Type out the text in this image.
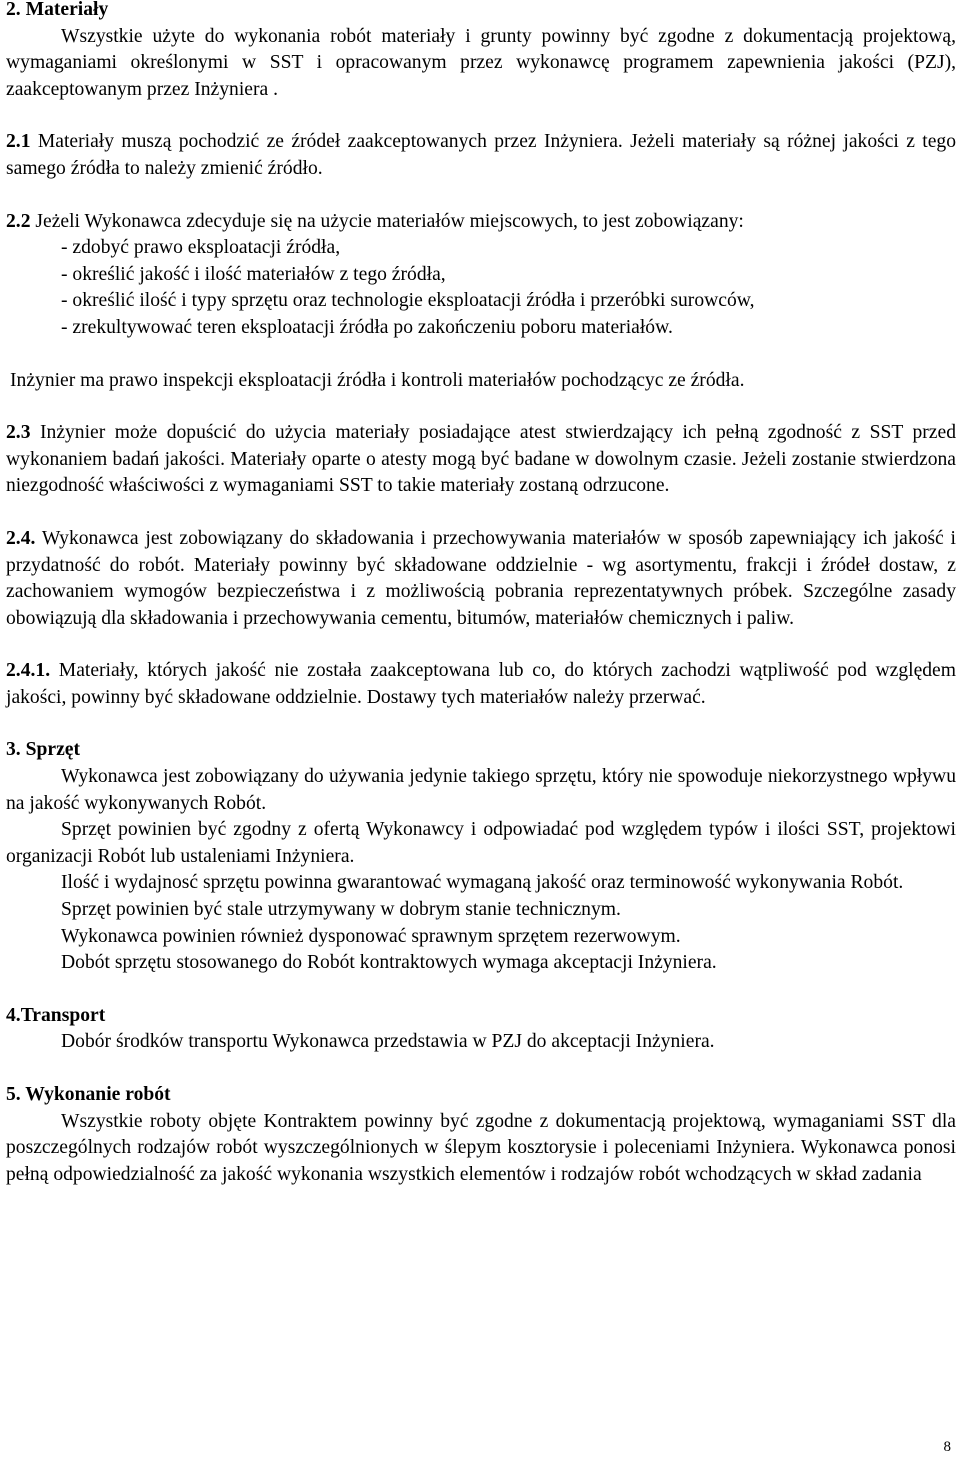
2. Materiały

Wszystkie użyte do wykonania robót materiały i grunty powinny być zgodne z dokumentacją projektową, wymaganiami określonymi w SST i opracowanym przez wykonawcę programem zapewnienia jakości (PZJ), zaakceptowanym przez Inżyniera .

2.1 Materiały muszą pochodzić ze źródeł zaakceptowanych przez Inżyniera. Jeżeli materiały są różnej jakości z tego samego źródła to należy zmienić źródło.

2.2 Jeżeli Wykonawca zdecyduje się na użycie materiałów miejscowych, to jest zobowiązany:

- zdobyć prawo eksploatacji źródła,

- określić jakość i ilość materiałów z tego źródła,

- określić ilość i typy sprzętu oraz technologie eksploatacji źródła i przeróbki surowców,

- zrekultywować teren eksploatacji źródła po zakończeniu poboru materiałów.

Inżynier ma prawo inspekcji eksploatacji źródła i kontroli materiałów pochodzącyc ze źródła.

2.3 Inżynier może dopuścić do użycia materiały posiadające atest stwierdzający ich pełną zgodność z SST przed wykonaniem badań jakości. Materiały oparte o atesty mogą być badane w dowolnym czasie. Jeżeli zostanie stwierdzona niezgodność właściwości z wymaganiami SST to takie materiały zostaną odrzucone.

2.4. Wykonawca jest zobowiązany do składowania i przechowywania materiałów w sposób zapewniający ich jakość i przydatność do robót. Materiały powinny być składowane oddzielnie - wg asortymentu, frakcji i źródeł dostaw, z zachowaniem wymogów bezpieczeństwa i z możliwością pobrania reprezentatywnych próbek. Szczególne zasady obowiązują dla składowania i przechowywania cementu, bitumów, materiałów chemicznych i paliw.

2.4.1. Materiały, których jakość nie została zaakceptowana lub co, do których zachodzi wątpliwość pod względem jakości, powinny być składowane oddzielnie. Dostawy tych materiałów należy przerwać.

3. Sprzęt

Wykonawca jest zobowiązany do używania jedynie takiego sprzętu, który nie spowoduje niekorzystnego wpływu na jakość wykonywanych Robót.

Sprzęt powinien być zgodny z ofertą Wykonawcy i odpowiadać pod względem typów i ilości SST, projektowi organizacji Robót lub ustaleniami Inżyniera.

Ilość i wydajnosć sprzętu powinna gwarantować wymaganą jakość oraz terminowość wykonywania Robót.

Sprzęt powinien być stale utrzymywany w dobrym stanie technicznym.

Wykonawca powinien również dysponować sprawnym sprzętem rezerwowym.

Dobót sprzętu stosowanego do Robót kontraktowych wymaga akceptacji Inżyniera.

4.Transport

Dobór środków transportu Wykonawca przedstawia w PZJ do akceptacji Inżyniera.

5. Wykonanie robót

Wszystkie roboty objęte Kontraktem powinny być zgodne z dokumentacją projektową, wymaganiami SST dla poszczególnych rodzajów robót wyszczególnionych w ślepym kosztorysie i poleceniami Inżyniera. Wykonawca ponosi pełną odpowiedzialność za jakość wykonania wszystkich elementów i rodzajów robót wchodzących w skład zadania

8
